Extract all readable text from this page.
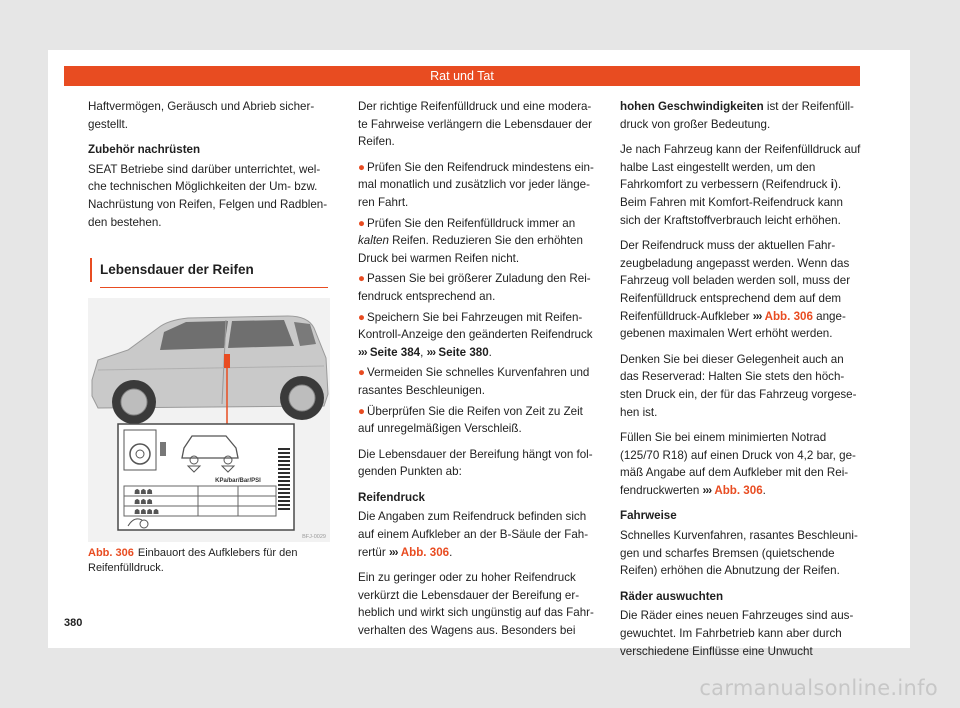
Rat und Tat

Haftvermögen, Geräusch und Abrieb sicher- gestellt.

Zubehör nachrüsten

SEAT Betriebe sind darüber unterrichtet, wel- che technischen Möglichkeiten der Um- bzw. Nachrüstung von Reifen, Felgen und Radblen- den bestehen.

Lebensdauer der Reifen
KPa/bar/Bar/PSI
☗☗☗
☗☗☗
☗☗☗☗
BFJ-0029
Abb. 306 Einbauort des Aufklebers für den Reifenfülldruck.

Der richtige Reifenfülldruck und eine modera- te Fahrweise verlängern die Lebensdauer der Reifen.

● Prüfen Sie den Reifendruck mindestens ein- mal monatlich und zusätzlich vor jeder länge- ren Fahrt.

● Prüfen Sie den Reifenfülldruck immer an kalten Reifen. Reduzieren Sie den erhöhten Druck bei warmen Reifen nicht.

● Passen Sie bei größerer Zuladung den Rei- fendruck entsprechend an.

● Speichern Sie bei Fahrzeugen mit Reifen- Kontroll-Anzeige den geänderten Reifendruck ››› Seite 384, ››› Seite 380.

● Vermeiden Sie schnelles Kurvenfahren und rasantes Beschleunigen.

● Überprüfen Sie die Reifen von Zeit zu Zeit auf unregelmäßigen Verschleiß.

Die Lebensdauer der Bereifung hängt von fol- genden Punkten ab:

Reifendruck

Die Angaben zum Reifendruck befinden sich auf einem Aufkleber an der B-Säule der Fah- rertür ››› Abb. 306.

Ein zu geringer oder zu hoher Reifendruck verkürzt die Lebensdauer der Bereifung er- heblich und wirkt sich ungünstig auf das Fahr- verhalten des Wagens aus. Besonders bei

hohen Geschwindigkeiten ist der Reifenfüll- druck von großer Bedeutung.

Je nach Fahrzeug kann der Reifenfülldruck auf halbe Last eingestellt werden, um den Fahrkomfort zu verbessern (Reifendruck i). Beim Fahren mit Komfort-Reifendruck kann sich der Kraftstoffverbrauch leicht erhöhen.

Der Reifendruck muss der aktuellen Fahr- zeugbeladung angepasst werden. Wenn das Fahrzeug voll beladen werden soll, muss der Reifenfülldruck entsprechend dem auf dem Reifenfülldruck-Aufkleber ››› Abb. 306 ange- gebenen maximalen Wert erhöht werden.

Denken Sie bei dieser Gelegenheit auch an das Reserverad: Halten Sie stets den höch- sten Druck ein, der für das Fahrzeug vorgese- hen ist.

Füllen Sie bei einem minimierten Notrad (125/70 R18) auf einen Druck von 4,2 bar, ge- mäß Angabe auf dem Aufkleber mit den Rei- fendruckwerten ››› Abb. 306.

Fahrweise

Schnelles Kurvenfahren, rasantes Beschleuni- gen und scharfes Bremsen (quietschende Reifen) erhöhen die Abnutzung der Reifen.

Räder auswuchten

Die Räder eines neuen Fahrzeuges sind aus- gewuchtet. Im Fahrbetrieb kann aber durch verschiedene Einflüsse eine Unwucht

380
carmanualsonline.info
